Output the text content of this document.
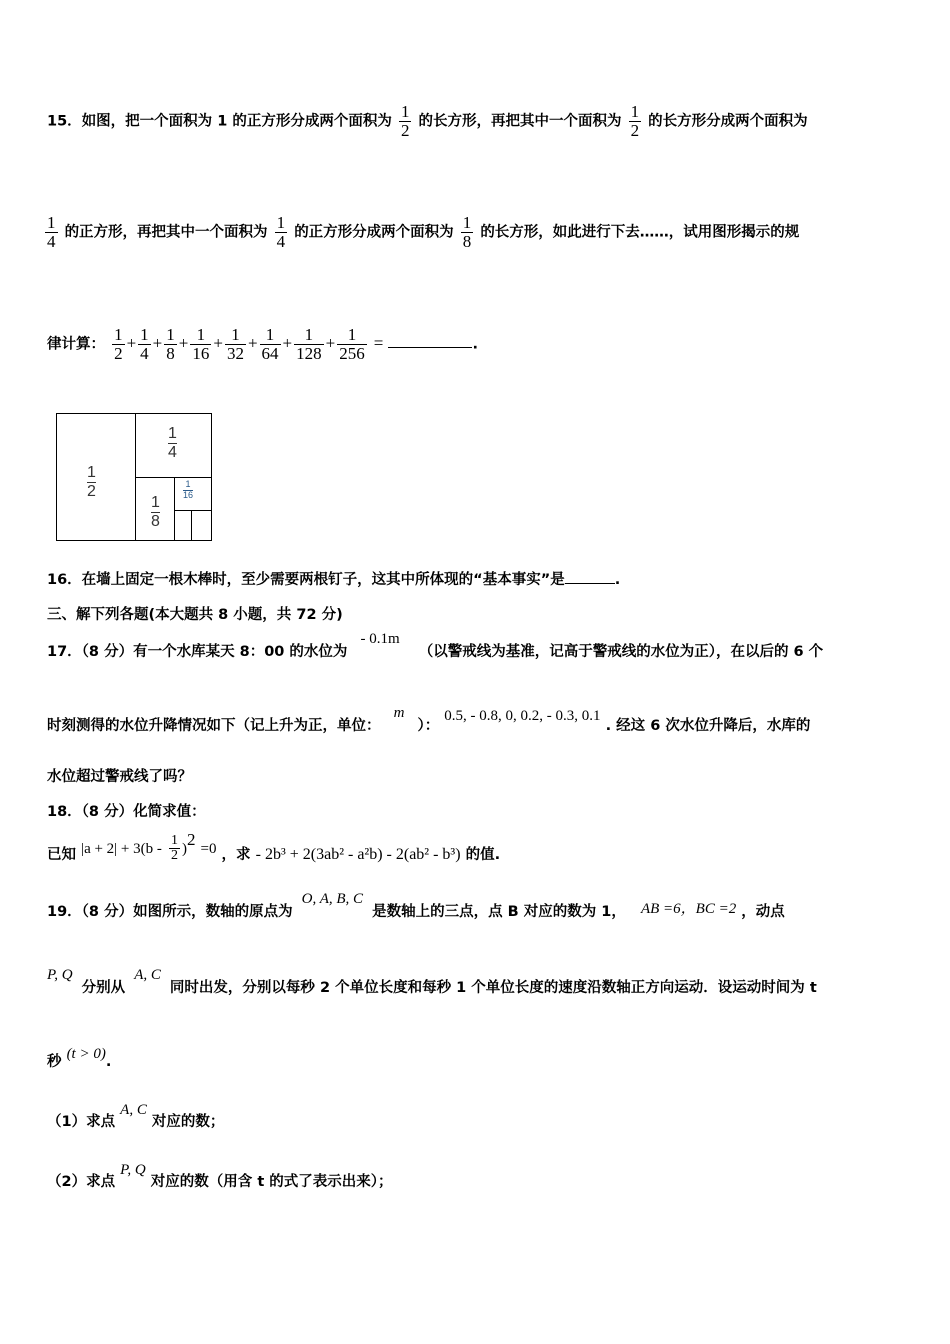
15．如图，把一个面积为 1 的正方形分成两个面积为 $\frac{1}{2}$ 的长方形，再把其中一个面积为 $\frac{1}{2}$ 的长方形分成两个面积为
$\frac{1}{4}$ 的正方形，再把其中一个面积为 $\frac{1}{4}$ 的正方形分成两个面积为 $\frac{1}{8}$ 的长方形，如此进行下去……，试用图形揭示的规
律计算： $\frac{1}{2} + \frac{1}{4} + \frac{1}{8} + \frac{1}{16} + \frac{1}{32} + \frac{1}{64} + \frac{1}{128} + \frac{1}{256}$ =	.
$\frac{1}{2}$
$\frac{1}{4}$
$\frac{1}{8}$
$\frac{1}{16}$
16．在墙上固定一根木棒时，至少需要两根钉子，这其中所体现的“基本事实”是	.
三、解下列各题(本大题共 8 小题，共 72 分)
17．（8 分）有一个水库某天 8：00 的水位为 - 0.1m （以警戒线为基准，记高于警戒线的水位为正），在以后的 6 个
时刻测得的水位升降情况如下（记上升为正，单位： m ）： 0.5, - 0.8, 0, 0.2, - 0.3, 0.1 . 经这 6 次水位升降后，水库的
水位超过警戒线了吗？
18．（8 分）化简求值：
已知 $|a + 2| + 3(b - \frac{1}{2} )^2 =0$ ，求 - 2b³ + 2(3ab² - a²b) - 2(ab² - b³) 的值.
19．（8 分）如图所示，数轴的原点为 O, A, B, C 是数轴上的三点，点 B 对应的数为 1， AB =6，BC =2 ，动点
P, Q 分别从 A, C 同时出发，分别以每秒 2 个单位长度和每秒 1 个单位长度的速度沿数轴正方向运动．设运动时间为 t
秒 (t > 0).
（1）求点 A, C 对应的数；
（2）求点 P, Q 对应的数（用含 t 的式了表示出来）；
